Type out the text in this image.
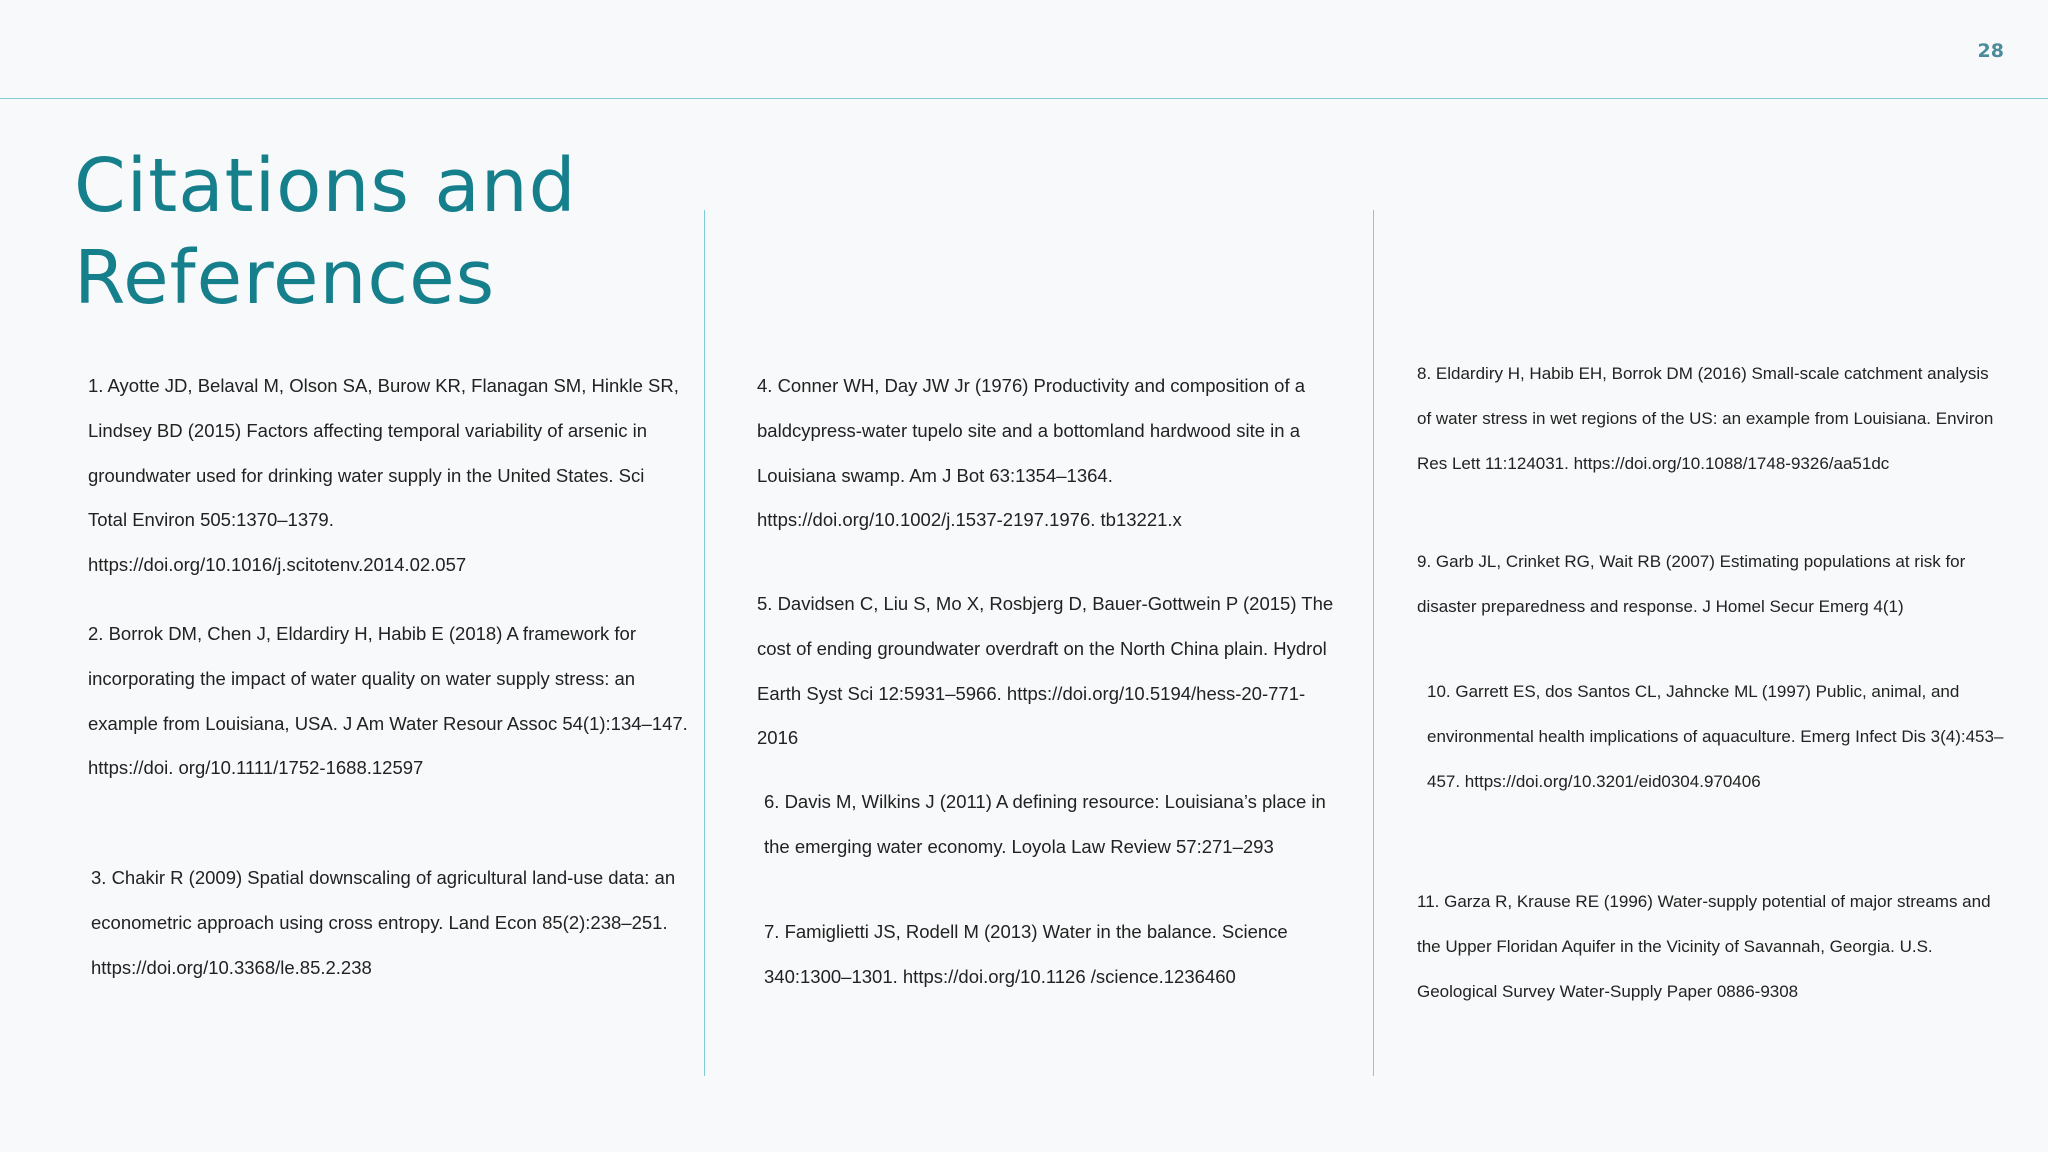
28
Citations and References

1. Ayotte JD, Belaval M, Olson SA, Burow KR, Flanagan SM, Hinkle SR, Lindsey BD (2015) Factors affecting temporal variability of arsenic in groundwater used for drinking water supply in the United States. Sci Total Environ 505:1370–1379. https://doi.org/10.1016/j.scitotenv.2014.02.057

2. Borrok DM, Chen J, Eldardiry H, Habib E (2018) A framework for incorporating the impact of water quality on water supply stress: an example from Louisiana, USA. J Am Water Resour Assoc 54(1):134–147. https://doi. org/10.1111/1752-1688.12597

3. Chakir R (2009) Spatial downscaling of agricultural land-use data: an econometric approach using cross entropy. Land Econ 85(2):238–251. https://doi.org/10.3368/le.85.2.238

4. Conner WH, Day JW Jr (1976) Productivity and composition of a baldcypress-water tupelo site and a bottomland hardwood site in a Louisiana swamp. Am J Bot 63:1354–1364. https://doi.org/10.1002/j.1537-2197.1976. tb13221.x

5. Davidsen C, Liu S, Mo X, Rosbjerg D, Bauer-Gottwein P (2015) The cost of ending groundwater overdraft on the North China plain. Hydrol Earth Syst Sci 12:5931–5966. https://doi.org/10.5194/hess-20-771-2016

6. Davis M, Wilkins J (2011) A defining resource: Louisiana’s place in the emerging water economy. Loyola Law Review 57:271–293

7. Famiglietti JS, Rodell M (2013) Water in the balance. Science 340:1300–1301. https://doi.org/10.1126 /science.1236460

8. Eldardiry H, Habib EH, Borrok DM (2016) Small-scale catchment analysis of water stress in wet regions of the US: an example from Louisiana. Environ Res Lett 11:124031. https://doi.org/10.1088/1748-9326/aa51dc

9. Garb JL, Crinket RG, Wait RB (2007) Estimating populations at risk for disaster preparedness and response. J Homel Secur Emerg 4(1)

10. Garrett ES, dos Santos CL, Jahncke ML (1997) Public, animal, and environmental health implications of aquaculture. Emerg Infect Dis 3(4):453–457. https://doi.org/10.3201/eid0304.970406

11. Garza R, Krause RE (1996) Water-supply potential of major streams and the Upper Floridan Aquifer in the Vicinity of Savannah, Georgia. U.S. Geological Survey Water-Supply Paper 0886-9308
